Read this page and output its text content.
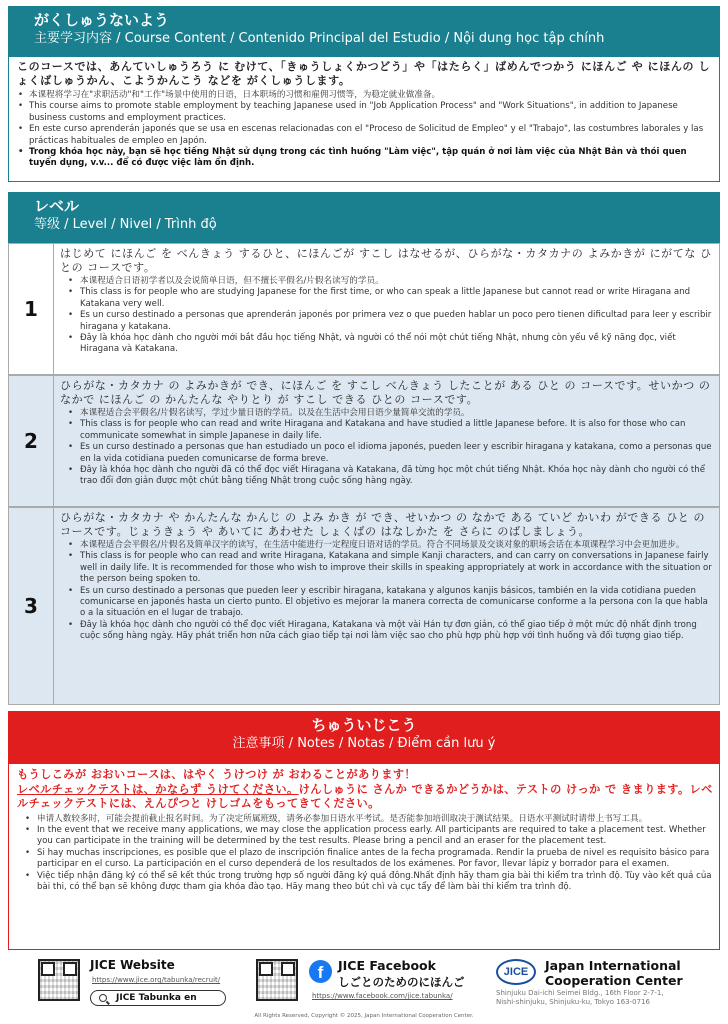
がくしゅうないよう
主要学习内容 / Course Content / Contenido Principal del Estudio / Nội dung học tập chính
このコースでは、あんていしゅうろう に むけて、「きゅうしょくかつどう」や「はたらく」ばめんでつかう にほんご や にほんの しょくばしゅうかん、こようかんこう などを がくしゅうします。
• 本课程将学习在"求职活动"和"工作"场景中使用的日语，日本职场的习惯和雇佣习惯等，为稳定就业做准备。
• This course aims to promote stable employment by teaching Japanese used in "Job Application Process" and "Work Situations", in addition to Japanese business customs and employment practices.
• En este curso aprenderán japonés que se usa en escenas relacionadas con el "Proceso de Solicitud de Empleo" y el "Trabajo", las costumbres laborales y las prácticas habituales de empleo en Japón.
• Trong khóa học này, bạn sẽ học tiếng Nhật sử dụng trong các tình huống "Làm việc", tập quán ở nơi làm việc của Nhật Bản và thói quen tuyển dụng, v.v... để có được việc làm ổn định.
レベル
等级 / Level / Nivel / Trình độ
1
はじめて にほんご を べんきょう するひと、にほんごが すこし はなせるが、ひらがな・カタカナの よみかきが にがてな ひとの コースです。
• 本课程适合日语初学者以及会说简单日语，但不擅长平假名/片假名读写的学员。
• This class is for people who are studying Japanese for the first time, or who can speak a little Japanese but cannot read or write Hiragana and Katakana very well.
• Es un curso destinado a personas que aprenderán japonés por primera vez o que pueden hablar un poco pero tienen dificultad para leer y escribir hiragana y katakana.
• Đây là khóa học dành cho người mới bắt đầu học tiếng Nhật, và người có thể nói một chút tiếng Nhật, nhưng còn yếu về kỹ năng đọc, viết Hiragana và Katakana.
2
ひらがな・カタカナ の よみかきが でき、にほんご を すこし べんきょう したことが ある ひと の コースです。せいかつ の なかで にほんご の かんたんな やりとり が すこし できる ひとの コースです。
• 本课程适合会平假名/片假名读写，学过少量日语的学员。以及在生活中会用日语少量简单交流的学员。
• This class is for people who can read and write Hiragana and Katakana and have studied a little Japanese before. It is also for those who can communicate somewhat in simple Japanese in daily life.
• Es un curso destinado a personas que han estudiado un poco el idioma japonés, pueden leer y escribir hiragana y katakana, como a personas que en la vida cotidiana pueden comunicarse de forma breve.
• Đây là khóa học dành cho người đã có thể đọc viết Hiragana và Katakana, đã từng học một chút tiếng Nhật. Khóa học này dành cho người có thể trao đổi đơn giản được một chút bằng tiếng Nhật trong cuộc sống hàng ngày.
3
ひらがな・カタカナ や かんたんな かんじ の よみ かき が でき、せいかつ の なかで ある ていど かいわ ができる ひと の コースです。じょうきょう や あいてに あわせた しょくばの はなしかた を さらに のばしましょう。
• 本课程适合会平假名/片假名及简单汉字的读写，在生活中能进行一定程度日语对话的学员。符合不同场景及交谈对象的职场会话在本项课程学习中会更加进步。
• This class is for people who can read and write Hiragana, Katakana and simple Kanji characters, and can carry on conversations in Japanese fairly well in daily life. It is recommended for those who wish to improve their skills in speaking appropriately at work in accordance with the situation or the person being spoken to.
• Es un curso destinado a personas que pueden leer y escribir hiragana, katakana y algunos kanjis básicos, también en la vida cotidiana pueden comunicarse en japonés hasta un cierto punto. El objetivo es mejorar la manera correcta de comunicarse conforme a la persona con la que habla o a la situación en el lugar de trabajo.
• Đây là khóa học dành cho người có thể đọc viết Hiragana, Katakana và một vài Hán tự đơn giản, có thể giao tiếp ở một mức độ nhất định trong cuộc sống hàng ngày. Hãy phát triển hơn nữa cách giao tiếp tại nơi làm việc sao cho phù hợp phù hợp với tình huống và đối tượng giao tiếp.
ちゅういじこう
注意事项 / Notes / Notas / Điểm cần lưu ý
もうしこみが おおいコースは、はやく うけつけ が おわることがあります！
レベルチェックテストは、かならず うけてください。けんしゅうに さんか できるかどうかは、テストの けっか で きまります。レベルチェックテストには、えんぴつと けしゴムをもってきてください。
• 申请人数较多时，可能会提前截止报名时间。为了决定所属班级，请务必参加日语水平考试。是否能参加培训取决于测试结果。日语水平测试时请带上书写工具。
• In the event that we receive many applications, we may close the application process early. All participants are required to take a placement test. Whether you can participate in the training will be determined by the test results. Please bring a pencil and an eraser for the placement test.
• Si hay muchas inscripciones, es posible que el plazo de inscripción finalice antes de la fecha programada. Rendir la prueba de nivel es requisito básico para participar en el curso. La participación en el curso dependerá de los resultados de los exámenes. Por favor, llevar lápiz y borrador para el examen.
• Việc tiếp nhận đăng ký có thể sẽ kết thúc trong trường hợp số người đăng ký quá đông.Nhất định hãy tham gia bài thi kiểm tra trình độ. Tùy vào kết quả của bài thi, có thể bạn sẽ không được tham gia khóa đào tạo. Hãy mang theo bút chì và cục tẩy để làm bài thi kiểm tra trình độ.
JICE Website
https://www.jice.org/tabunka/recruit/
JICE Tabunka en
f	JICE Facebook
しごとのためのにほんご
https://www.facebook.com/jice.tabunka/
JICE	Japan International
Cooperation Center
Shinjuku Dai-ichi Seimei Bldg., 16th Floor 2-7-1,
Nishi-shinjuku, Shinjuku-ku, Tokyo 163-0716
All Rights Reserved, Copyright © 2025, Japan International Cooperation Center.
